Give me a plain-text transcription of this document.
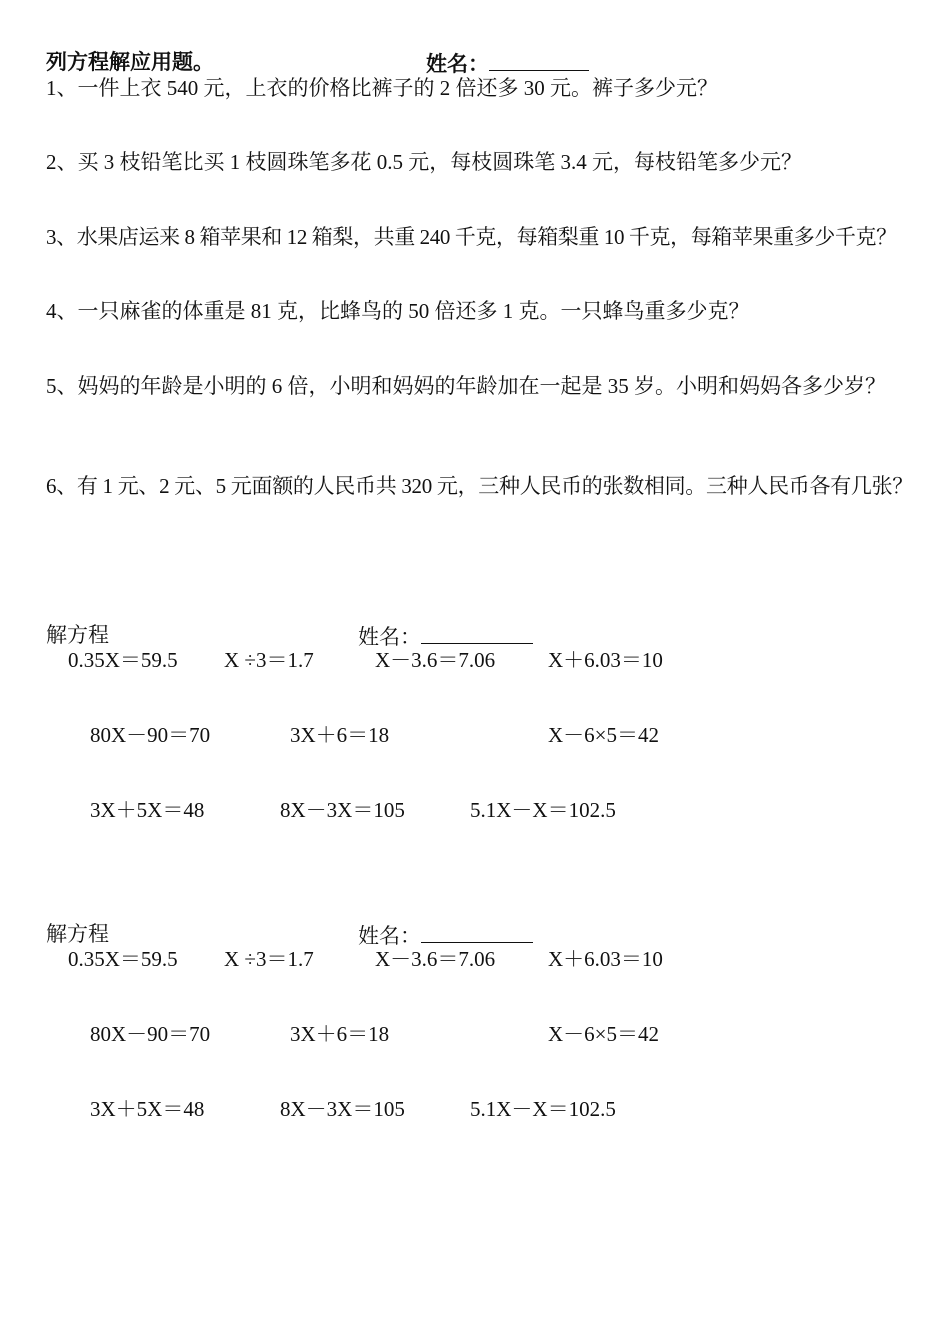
列方程解应用题。	姓名：
1、一件上衣 540 元，上衣的价格比裤子的 2 倍还多 30 元。裤子多少元？
2、买 3 枝铅笔比买 1 枝圆珠笔多花 0.5 元，每枝圆珠笔 3.4 元，每枝铅笔多少元？
3、水果店运来 8 箱苹果和 12 箱梨，共重 240 千克，每箱梨重 10 千克，每箱苹果重多少千克？
4、一只麻雀的体重是 81 克，比蜂鸟的 50 倍还多 1 克。一只蜂鸟重多少克？
5、妈妈的年龄是小明的 6 倍，小明和妈妈的年龄加在一起是 35 岁。小明和妈妈各多少岁？
6、有 1 元、2 元、5 元面额的人民币共 320 元，三种人民币的张数相同。三种人民币各有几张？
解方程	姓名：
0.35X＝59.5 X ÷3＝1.7	X－3.6＝7.06	X＋6.03＝10
80X－90＝70	3X＋6＝18	X－6×5＝42
3X＋5X＝48	8X－3X＝105	5.1X－X＝102.5
解方程	姓名：
0.35X＝59.5 X ÷3＝1.7	X－3.6＝7.06	X＋6.03＝10
80X－90＝70	3X＋6＝18	X－6×5＝42
3X＋5X＝48	8X－3X＝105	5.1X－X＝102.5
